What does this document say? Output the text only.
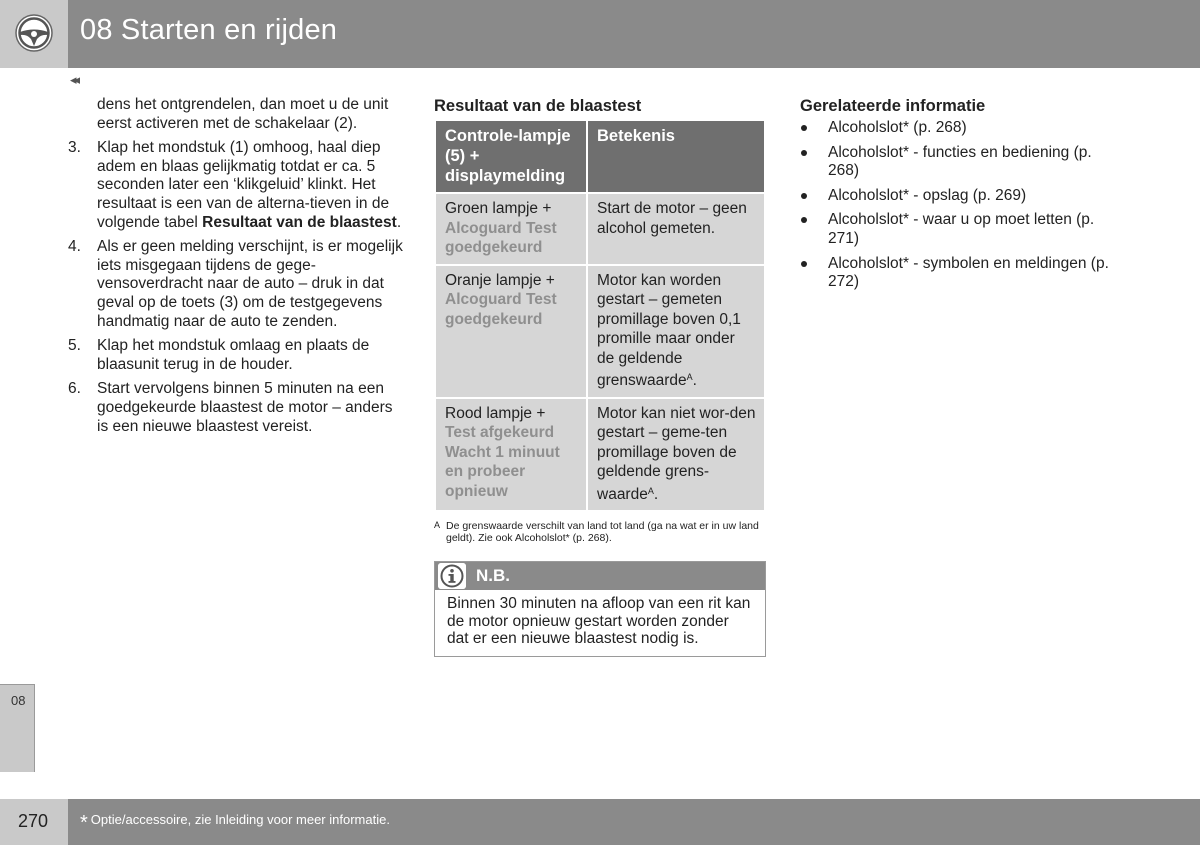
08 Starten en rijden
◂◂
08
270 * Optie/accessoire, zie Inleiding voor meer informatie.
dens het ontgrendelen, dan moet u de unit eerst activeren met de schakelaar (2).
3. Klap het mondstuk (1) omhoog, haal diep adem en blaas gelijkmatig totdat er ca. 5 seconden later een ‘klikgeluid’ klinkt. Het resultaat is een van de alterna-tieven in de volgende tabel Resultaat van de blaastest.
4. Als er geen melding verschijnt, is er mogelijk iets misgegaan tijdens de gege-vensoverdracht naar de auto – druk in dat geval op de toets (3) om de testgegevens handmatig naar de auto te zenden.
5. Klap het mondstuk omlaag en plaats de blaasunit terug in de houder.
6. Start vervolgens binnen 5 minuten na een goedgekeurde blaastest de motor – anders is een nieuwe blaastest vereist.
Resultaat van de blaastest
Controle-lampje (5) + displaymelding	Betekenis
Groen lampje +
Alcoguard Test goedgekeurd	Start de motor – geen alcohol gemeten.
Oranje lampje +
Alcoguard Test goedgekeurd	Motor kan worden gestart – gemeten promillage boven 0,1 promille maar onder de geldende grenswaarde$^A$.
Rood lampje +
Test afgekeurd Wacht 1 minuut en probeer opnieuw	Motor kan niet wor-den gestart – geme-ten promillage boven de geldende grens-waarde$^A$.
A De grenswaarde verschilt van land tot land (ga na wat er in uw land geldt). Zie ook Alcoholslot* (p. 268).
N.B.
Binnen 30 minuten na afloop van een rit kan de motor opnieuw gestart worden zonder dat er een nieuwe blaastest nodig is.
Gerelateerde informatie
Alcoholslot* (p. 268)
Alcoholslot* - functies en bediening (p. 268)
Alcoholslot* - opslag (p. 269)
Alcoholslot* - waar u op moet letten (p. 271)
Alcoholslot* - symbolen en meldingen (p. 272)
